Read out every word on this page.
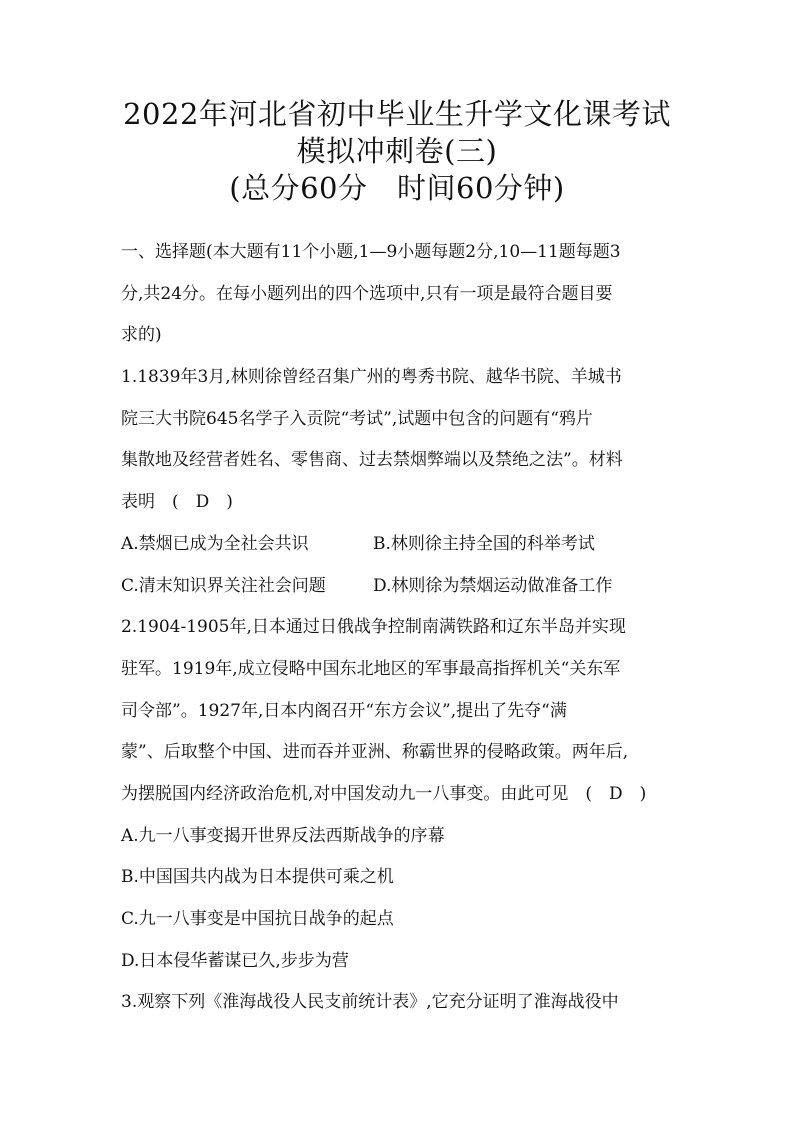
2022年河北省初中毕业生升学文化课考试
模拟冲刺卷(三)
(总分60分　时间60分钟)
一、选择题(本大题有11个小题,1—9小题每题2分,10—11题每题3
分,共24分。在每小题列出的四个选项中,只有一项是最符合题目要
求的)
1.1839年3月,林则徐曾经召集广州的粤秀书院、越华书院、羊城书
院三大书院645名学子入贡院“考试”,试题中包含的问题有“鸦片
集散地及经营者姓名、零售商、过去禁烟弊端以及禁绝之法”。材料
表明　(　D　)
A.禁烟已成为全社会共识	B.林则徐主持全国的科举考试
C.清末知识界关注社会问题	D.林则徐为禁烟运动做准备工作
2.1904-1905年,日本通过日俄战争控制南满铁路和辽东半岛并实现
驻军。1919年,成立侵略中国东北地区的军事最高指挥机关“关东军
司令部”。1927年,日本内阁召开“东方会议”,提出了先夺“满
蒙”、后取整个中国、进而吞并亚洲、称霸世界的侵略政策。两年后,
为摆脱国内经济政治危机,对中国发动九一八事变。由此可见　(　D　)
A.九一八事变揭开世界反法西斯战争的序幕
B.中国国共内战为日本提供可乘之机
C.九一八事变是中国抗日战争的起点
D.日本侵华蓄谋已久,步步为营
3.观察下列《淮海战役人民支前统计表》,它充分证明了淮海战役中
